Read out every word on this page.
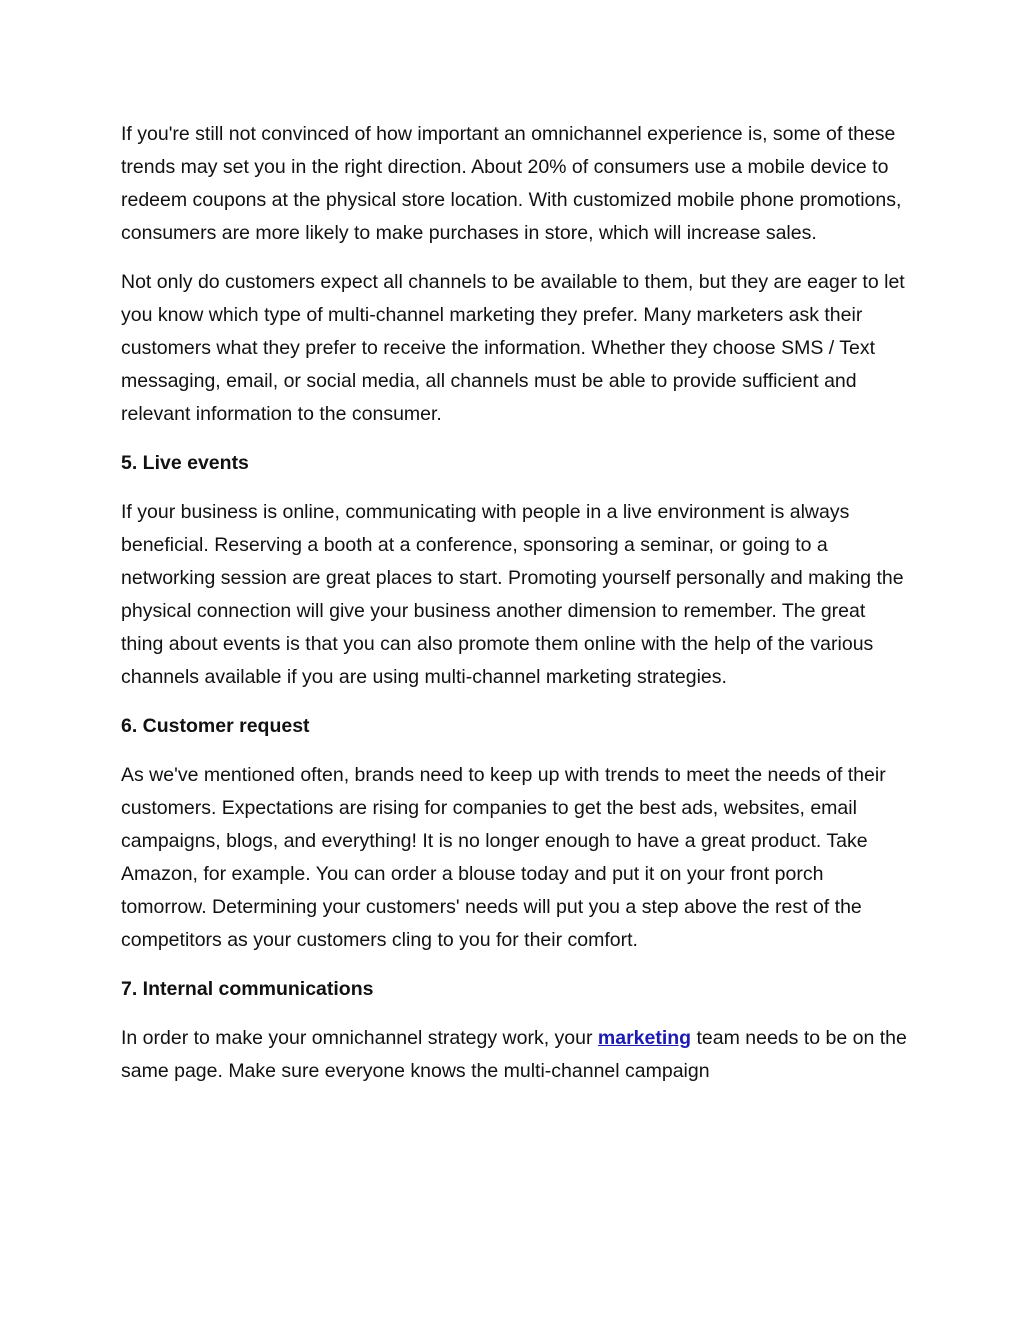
If you're still not convinced of how important an omnichannel experience is, some of these trends may set you in the right direction. About 20% of consumers use a mobile device to redeem coupons at the physical store location. With customized mobile phone promotions, consumers are more likely to make purchases in store, which will increase sales.

Not only do customers expect all channels to be available to them, but they are eager to let you know which type of multi-channel marketing they prefer. Many marketers ask their customers what they prefer to receive the information. Whether they choose SMS / Text messaging, email, or social media, all channels must be able to provide sufficient and relevant information to the consumer.

5. Live events

If your business is online, communicating with people in a live environment is always beneficial. Reserving a booth at a conference, sponsoring a seminar, or going to a networking session are great places to start. Promoting yourself personally and making the physical connection will give your business another dimension to remember. The great thing about events is that you can also promote them online with the help of the various channels available if you are using multi-channel marketing strategies.

6. Customer request

As we've mentioned often, brands need to keep up with trends to meet the needs of their customers. Expectations are rising for companies to get the best ads, websites, email campaigns, blogs, and everything! It is no longer enough to have a great product. Take Amazon, for example. You can order a blouse today and put it on your front porch tomorrow. Determining your customers' needs will put you a step above the rest of the competitors as your customers cling to you for their comfort.

7. Internal communications

In order to make your omnichannel strategy work, your marketing team needs to be on the same page. Make sure everyone knows the multi-channel campaign
